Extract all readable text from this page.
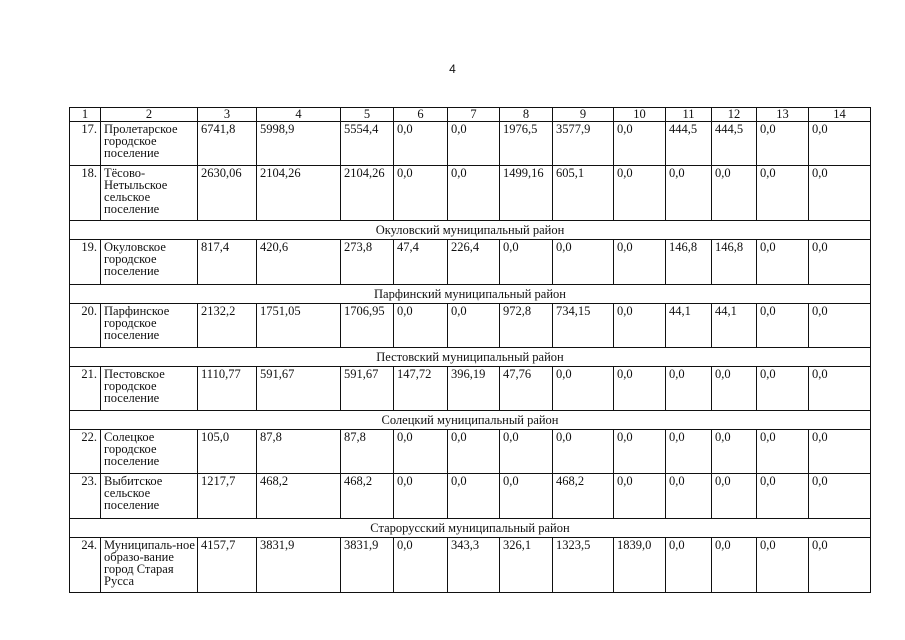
4
1	2	3	4	5	6	7	8	9	10	11	12	13	14
17.	Пролетарское городское поселение	6741,8	5998,9	5554,4	0,0	0,0	1976,5	3577,9	0,0	444,5	444,5	0,0	0,0
18.	Тёсово-Нетыльское сельское поселение	2630,06	2104,26	2104,26	0,0	0,0	1499,16	605,1	0,0	0,0	0,0	0,0	0,0
Окуловский муниципальный район													
19.	Окуловское городское поселение	817,4	420,6	273,8	47,4	226,4	0,0	0,0	0,0	146,8	146,8	0,0	0,0
Парфинский муниципальный район													
20.	Парфинское городское поселение	2132,2	1751,05	1706,95	0,0	0,0	972,8	734,15	0,0	44,1	44,1	0,0	0,0
Пестовский муниципальный район													
21.	Пестовское городское поселение	1110,77	591,67	591,67	147,72	396,19	47,76	0,0	0,0	0,0	0,0	0,0	0,0
Солецкий муниципальный район													
22.	Солецкое городское поселение	105,0	87,8	87,8	0,0	0,0	0,0	0,0	0,0	0,0	0,0	0,0	0,0
23.	Выбитское сельское поселение	1217,7	468,2	468,2	0,0	0,0	0,0	468,2	0,0	0,0	0,0	0,0	0,0
Старорусский муниципальный район													
24.	Муниципаль-ное образо-вание город Старая Русса	4157,7	3831,9	3831,9	0,0	343,3	326,1	1323,5	1839,0	0,0	0,0	0,0	0,0
